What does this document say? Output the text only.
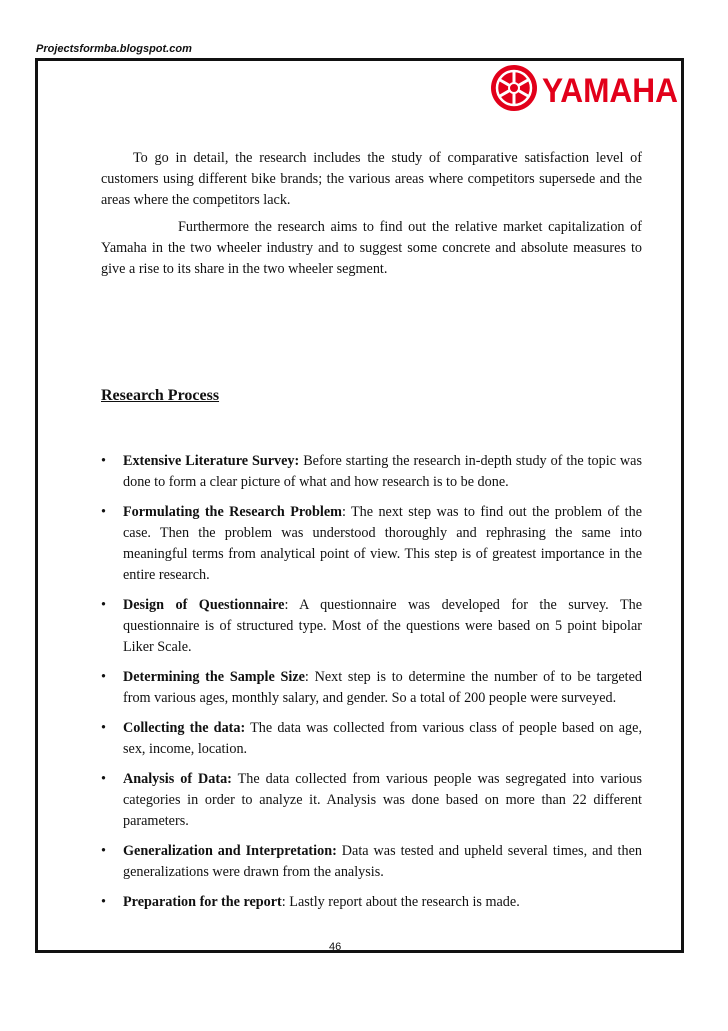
Projectsformba.blogspot.com
YAMAHA

To go in detail, the research includes the study of comparative satisfaction level of customers using different bike brands; the various areas where competitors supersede and the areas where the competitors lack.

Furthermore the research aims to find out the relative market capitalization of Yamaha in the two wheeler industry and to suggest some concrete and absolute measures to give a rise to its share in the two wheeler segment.

Research Process
• Extensive Literature Survey: Before starting the research in-depth study of the topic was done to form a clear picture of what and how research is to be done.
• Formulating the Research Problem: The next step was to find out the problem of the case. Then the problem was understood thoroughly and rephrasing the same into meaningful terms from analytical point of view. This step is of greatest importance in the entire research.
• Design of Questionnaire: A questionnaire was developed for the survey. The questionnaire is of structured type. Most of the questions were based on 5 point bipolar Liker Scale.
• Determining the Sample Size: Next step is to determine the number of to be targeted from various ages, monthly salary, and gender. So a total of 200 people were surveyed.
• Collecting the data: The data was collected from various class of people based on age, sex, income, location.
• Analysis of Data: The data collected from various people was segregated into various categories in order to analyze it. Analysis was done based on more than 22 different parameters.
• Generalization and Interpretation: Data was tested and upheld several times, and then generalizations were drawn from the analysis.
• Preparation for the report: Lastly report about the research is made.
46
